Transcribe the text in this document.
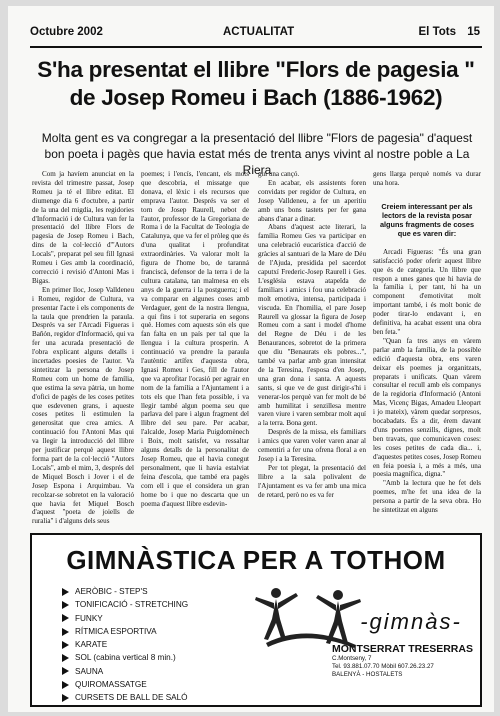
Octubre 2002	ACTUALITAT	El Tots 15
S'ha presentat el llibre "Flors de pagesia "
de Josep Romeu i Bach (1886-1962)
Molta gent es va congregar a la presentació del llibre "Flors de pagesia" d'aquest bon poeta i pagès que havia estat més de trenta anys vivint al nostre poble a La Riera

Com ja havíem anunciat en la revista del trimestre passat, Josep Romeu ja té el llibre editat. El diumenge dia 6 d'octubre, a partir de la una del migdia, les regidories d'Informació i de Cultura van fer la presentació del llibre Flors de pagesia de Josep Romeu i Bach, dins de la col·lecció d'"Autors Locals", preparat pel seu fill Ignasi Romeu i Ges amb la coordinació, correcció i revisió d'Antoni Mas i Bigas.

En primer lloc, Josep Valldeneu i Romeu, regidor de Cultura, va presentar l'acte i els components de la taula que prendrien la paraula. Després va ser l'Arcadi Figueras i Bañón, regidor d'Informació, qui va fer una acurada presentació de l'obra explicant alguns detalls i incertades poesies de l'autor. Va sintetitzar la persona de Josep Romeu com un home de família, que estima la seva pàtria, un home d'ofici de pagès de les coses petites que esdevenen grans, i aqueste coses petites li estimulen la generositat que crea amics. A continuació fou l'Antoni Mas qui va llegir la introducció del llibre per justificar perquè aquest llibre forma part de la col·lecció "Autors Locals", amb el mim, 3, després del de Miquel Bosch i Jover i el de Josep Espona i Arquimbau. Va recolzar-se sobretot en la valoració que havia fet Miquel Bosch d'aquest "poeta de joiells de ruralia" i d'alguns dels seus

poemes; i l'encís, l'encant, els mots que descobria, el missatge que donava, el lèxic i els recursos que emprava l'autor. Després va ser el torn de Josep Raurell, nebot de l'autor, professor de la Gregoriana de Roma i de la Facultat de Teologia de Catalunya, que va fer el pròleg que és d'una qualitat i profunditat extraordinàries. Va valorar molt la figura de l'home bo, de taranná franciscà, defensor de la terra i de la cultura catalana, tan malmesa en els anys de la guerra i la postguerra; i el va comparar en algunes coses amb Verdaguer, gent de la nostra llengua, a qui fins i tot superaria en segons què. Homes com aquests són els que fan falta en un país per tal que la llengua i la cultura prosperin. A continuació va prendre la paraula l'autèntic artífex d'aquesta obra, Ignasi Romeu i Ges, fill de l'autor que va aprofitar l'ocasió per agrair en nom de la família a l'Ajuntament i a tots els que l'han feta possible, i va llegir també algun poema seu que parlava del pare i algun fragment del llibre del seu pare. Per acabar, l'alcalde, Josep Maria Puigdomènech i Boix, molt satisfet, va ressaltar alguns detalls de la personalitat de Josep Romeu, que el havia conegut personalment, que li havia estalviat feina d'escola, que també era pagès com ell i que el considera un gran home bo i que no descarta que un poema d'aquest llibre esdevin-

gui una cançó.

En acabar, els assistents foren convidats per regidor de Cultura, en Josep Valldeneu, a fer un aperitiu amb uns bons tastets per fer gana abans d'anar a dinar.

Abans d'aquest acte literari, la família Romeu Ges va participar en una celebració eucarística d'acció de gràcies al santuari de la Mare de Déu de l'Ajuda, presidida pel sacerdot caputxí Frederic-Josep Raurell i Ges. L'església estava atapeïda de familiars i amics i fou una celebració molt emotiva, intensa, participada i viscuda. En l'homilia, el pare Josep Raurell va glossar la figura de Josep Romeu com a sant i model d'home del Regne de Déu i de les Benaurances, sobretot de la primera que diu "Benaurats els pobres...", també va parlar amb gran intensitat de la Teresina, l'esposa d'en Josep, una gran dona i santa. A aquests sants, si que ve de gust dirigir-s'hi i venerar-los perquè van fer molt de bé amb humilitat i senzillesa mentre varen viure i varen sembrar molt aquí a la terra. Bona gent.

Després de la missa, els familiars i amics que varen voler varen anar al cementiri a fer una ofrena floral a en Josep i a la Teresina.

Per tot plegat, la presentació del llibre a la sala polivalent de l'Ajuntament es va fer amb una mica de retard, però no es va fer

gens llarga perquè només va durar una hora.

Creiem interessant per als lectors de la revista posar alguns fragments de coses que es varen dir:

Arcadi Figueras: "És una gran satisfacció poder oferir aquest llibre que és de categoria. Un llibre que respon a unes ganes que hi havia de la família i, per tant, hi ha un component d'emotivitat molt important també, i és molt bonic de poder tirar-lo endavant i, en definitiva, ha acabat essent una obra ben feta."

"Quan fa tres anys en vàrem parlar amb la família, de la possible edició d'aquesta obra, ens varen deixar els poemes ja organitzats, preparats i unificats. Quan vàrem consultar el recull amb els companys de la regidoria d'Informació (Antoni Mas, Vicenç Bigas, Amadeu Lleopart i jo mateix), vàrem quedar sorpresos, bocabadats. És a dir, érem davant d'uns poemes senzills, dignes, molt ben travats, que comunicaven coses: les coses petites de cada dia... i, d'aquestes petites coses, Josep Romeu en feia poesia i, a més a més, una poesia magnífica, digna."

"Amb la lectura que he fet dels poemes, m'he fet una idea de la persona a partir de la seva obra. Ho he sintetitzat en alguns

GIMNÀSTICA PER A TOTHOM
AERÒBIC - STEP'S
TONIFICACIÓ - STRETCHING
FUNKY
RÍTMICA ESPORTIVA
KARATE
SOL (cabina vertical 8 min.)
SAUNA
QUIROMASSATGE
CURSETS DE BALL DE SALÓ
-gimnàs-
MONTSERRAT TRESERRAS
C.Montseny, 7
Tel. 93.881.07.70 Mòbil 607.26.23.27
BALENYÀ - HOSTALETS
